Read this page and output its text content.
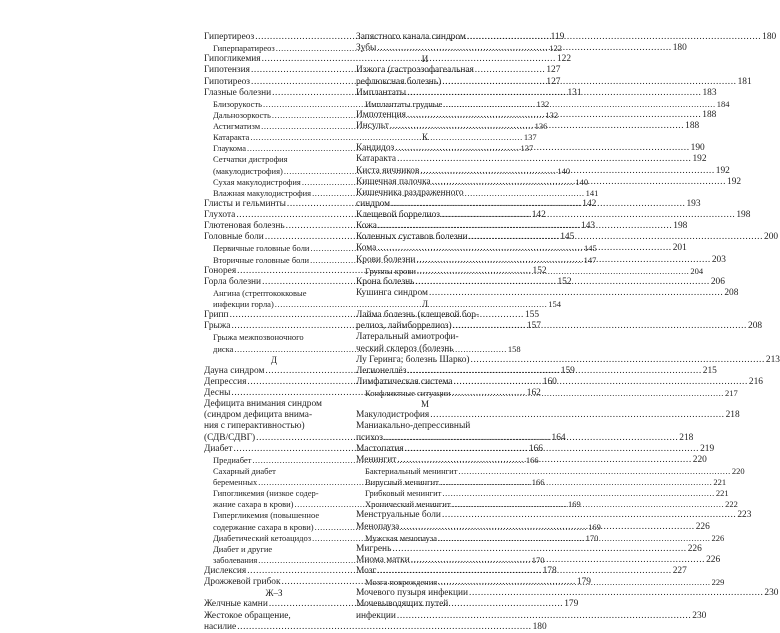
Гипертиреоз .....	119
Гиперпаратиреоз .....	122
Гипогликемия .....	122
Гипотензия .....	127
Гипотиреоз .....	127
Глазные болезни .....	131
Близорукость .....	132
Дальнозоркость .....	132
Астигматизм .....	136
Катаракта .....	137
Глаукома .....	137
Сетчатки дистрофия
(макулодистрофия) .....	140
Сухая макулодистрофия .....	140
Влажная макулодистрофия .....	141
Глисты и гельминты .....	142
Глухота .....	142
Глютеновая болезнь .....	143
Головные боли .....	145
Первичные головные боли .....	145
Вторичные головные боли .....	147
Гонорея .....	152
Горла болезни .....	152
Ангина (стрептококковые
инфекции горла) .....	154
Грипп .....	155
Грыжа .....	157
Грыжа межпозвоночного
диска .....	158
Д
Дауна синдром .....	159
Депрессия .....	160
Десны .....	162
Дефицита внимания синдром
(синдром дефицита внима-
ния с гиперактивностью)
(СДВ/СДВГ) .....	164
Диабет .....	166
Предиабет .....	166
Сахарный диабет
беременных .....	166
Гипогликемия (низкое содер-
жание сахара в крови) .....	169
Гипергликемия (повышенное
содержание сахара в крови) .....	169
Диабетический кетоацидоз .....	170
Диабет и другие
заболевания .....	170
Дислексия .....	178
Дрожжевой грибок .....	179
Ж–З
Желчные камни .....	179
Жестокое обращение,
насилие .....	180
Запястного канала синдром .....	180
Зубы .....	180
И
Изжога (гастроэзофагеальная
рефлюксная болезнь) .....	181
Имплантаты .....	183
Имплантаты грудные .....	184
Импотенция .....	188
Инсульт .....	188
К
Кандидоз .....	190
Катаракта .....	192
Киста яичников .....	192
Кишечная палочка .....	192
Кишечника раздраженного
синдром .....	193
Клещевой боррелиоз .....	198
Кожа .....	198
Коленных суставов болезни .....	200
Кома .....	201
Крови болезни .....	203
Группы крови .....	204
Крона болезнь .....	206
Кушинга синдром .....	208
Л
Лайма болезнь (клещевой бор-
релиоз, лаймборрелиоз) .....	208
Латеральный амиотрофи-
ческий склероз (болезнь
Лу Геринга; болезнь Шарко) .....	213
Легионеллёз .....	215
Лимфатическая система .....	216
Конфликтные ситуации .....	217
М
Макулодистрофия .....	218
Маниакально-депрессивный
психоз .....	218
Мастопатия .....	219
Менингит .....	220
Бактериальный менингит .....	220
Вирусный менингит .....	221
Грибковый менингит .....	221
Хронический менингит .....	222
Менструальные боли .....	223
Менопауза .....	226
Мужская менопауза .....	226
Мигрень .....	226
Миома матки .....	226
Мозг .....	227
Мозга повреждения .....	229
Мочевого пузыря инфекции .....	230
Мочевыводящих путей
инфекции .....	230
